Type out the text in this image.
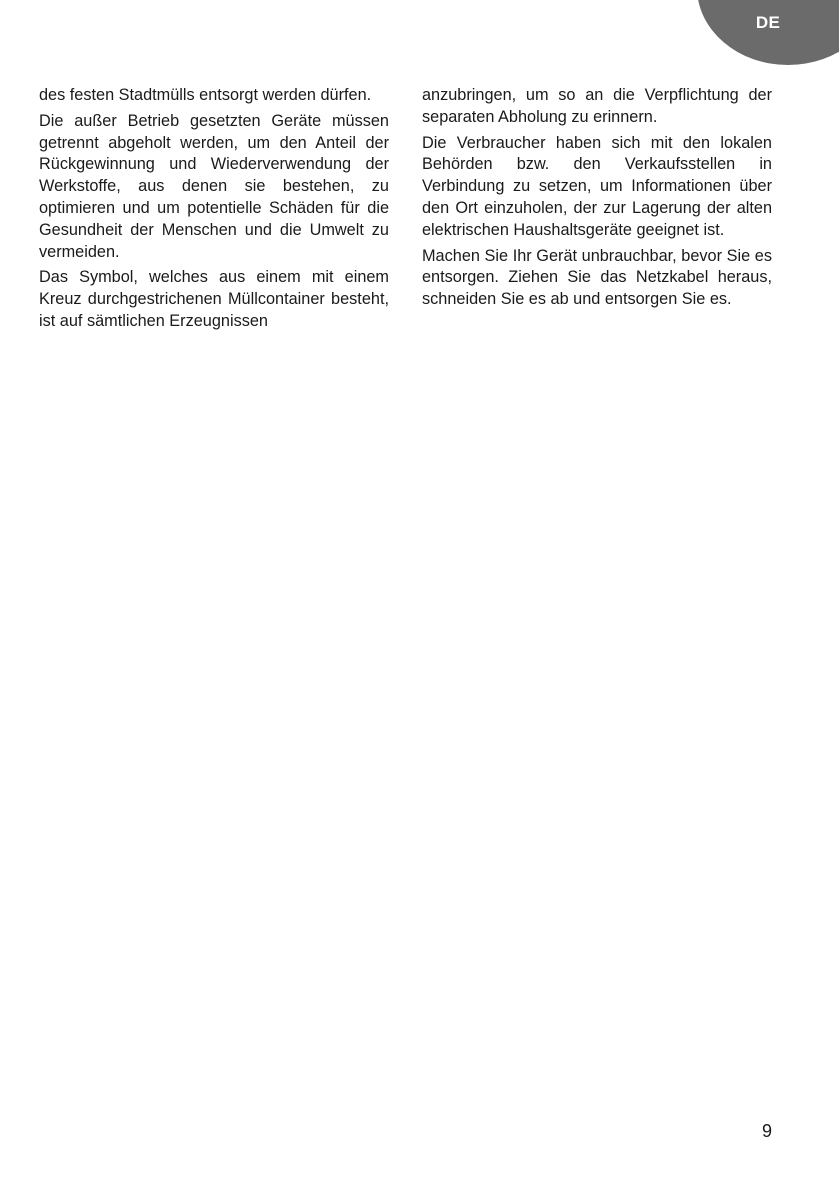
DE

des festen Stadtmülls entsorgt werden dürfen.

Die außer Betrieb gesetzten Geräte müssen getrennt abgeholt werden, um den Anteil der Rückgewinnung und Wiederverwendung der Werkstoffe, aus denen sie bestehen, zu optimieren und um potentielle Schäden für die Gesundheit der Menschen und die Umwelt zu vermeiden.

Das Symbol, welches aus einem mit einem Kreuz durchgestrichenen Müllcontainer besteht, ist auf sämtlichen Erzeugnissen

anzubringen, um so an die Verpflichtung der separaten Abholung zu erinnern.

Die Verbraucher haben sich mit den lokalen Behörden bzw. den Verkaufsstellen in Verbindung zu setzen, um Informationen über den Ort einzuholen, der zur Lagerung der alten elektrischen Haushaltsgeräte geeignet ist.

Machen Sie Ihr Gerät unbrauchbar, bevor Sie es entsorgen. Ziehen Sie das Netzkabel heraus, schneiden Sie es ab und entsorgen Sie es.

9
